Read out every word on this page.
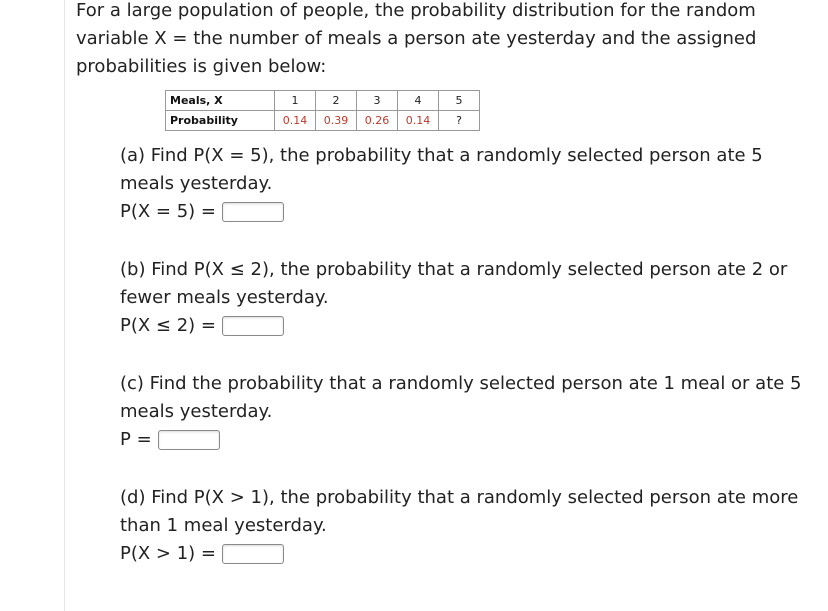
For a large population of people, the probability distribution for the random variable X = the number of meals a person ate yesterday and the assigned probabilities is given below:

Meals, X	1	2	3	4	5
Probability	0.14	0.39	0.26	0.14	?

(a) Find P(X = 5), the probability that a randomly selected person ate 5 meals yesterday.

P(X = 5) =

(b) Find P(X ≤ 2), the probability that a randomly selected person ate 2 or fewer meals yesterday.

P(X ≤ 2) =

(c) Find the probability that a randomly selected person ate 1 meal or ate 5 meals yesterday.

P =

(d) Find P(X > 1), the probability that a randomly selected person ate more than 1 meal yesterday.

P(X > 1) =
